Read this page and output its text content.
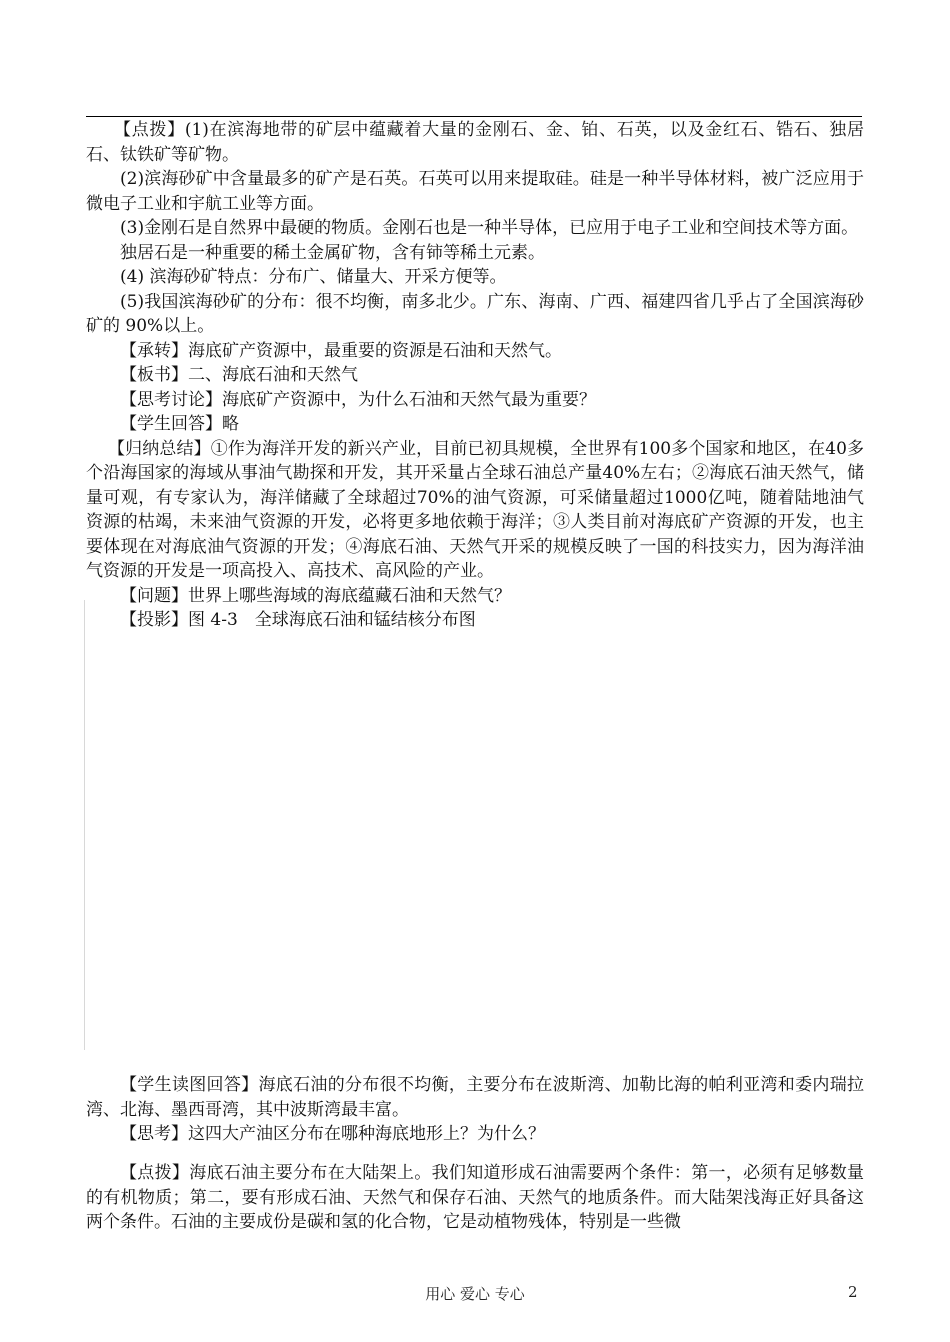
【点拨】(1)在滨海地带的矿层中蕴藏着大量的金刚石、金、铂、石英，以及金红石、锆石、独居石、钛铁矿等矿物。

(2)滨海砂矿中含量最多的矿产是石英。石英可以用来提取硅。硅是一种半导体材料，被广泛应用于微电子工业和宇航工业等方面。

(3)金刚石是自然界中最硬的物质。金刚石也是一种半导体，已应用于电子工业和空间技术等方面。

独居石是一种重要的稀土金属矿物，含有铈等稀土元素。

(4) 滨海砂矿特点：分布广、储量大、开采方便等。

(5)我国滨海砂矿的分布：很不均衡，南多北少。广东、海南、广西、福建四省几乎占了全国滨海砂矿的 90%以上。

【承转】海底矿产资源中，最重要的资源是石油和天然气。

【板书】二、海底石油和天然气

【思考讨论】海底矿产资源中，为什么石油和天然气最为重要？

【学生回答】略

【归纳总结】①作为海洋开发的新兴产业，目前已初具规模，全世界有100多个国家和地区，在40多个沿海国家的海域从事油气勘探和开发，其开采量占全球石油总产量40%左右；②海底石油天然气，储量可观，有专家认为，海洋储藏了全球超过70%的油气资源，可采储量超过1000亿吨，随着陆地油气资源的枯竭，未来油气资源的开发，必将更多地依赖于海洋；③人类目前对海底矿产资源的开发，也主要体现在对海底油气资源的开发；④海底石油、天然气开采的规模反映了一国的科技实力，因为海洋油气资源的开发是一项高投入、高技术、高风险的产业。

【问题】世界上哪些海域的海底蕴藏石油和天然气？

【投影】图 4-3　全球海底石油和锰结核分布图

【学生读图回答】海底石油的分布很不均衡，主要分布在波斯湾、加勒比海的帕利亚湾和委内瑞拉湾、北海、墨西哥湾，其中波斯湾最丰富。

【思考】这四大产油区分布在哪种海底地形上？为什么？

【点拨】海底石油主要分布在大陆架上。我们知道形成石油需要两个条件：第一，必须有足够数量的有机物质；第二，要有形成石油、天然气和保存石油、天然气的地质条件。而大陆架浅海正好具备这两个条件。石油的主要成份是碳和氢的化合物，它是动植物残体，特别是一些微

用心 爱心 专心	2
